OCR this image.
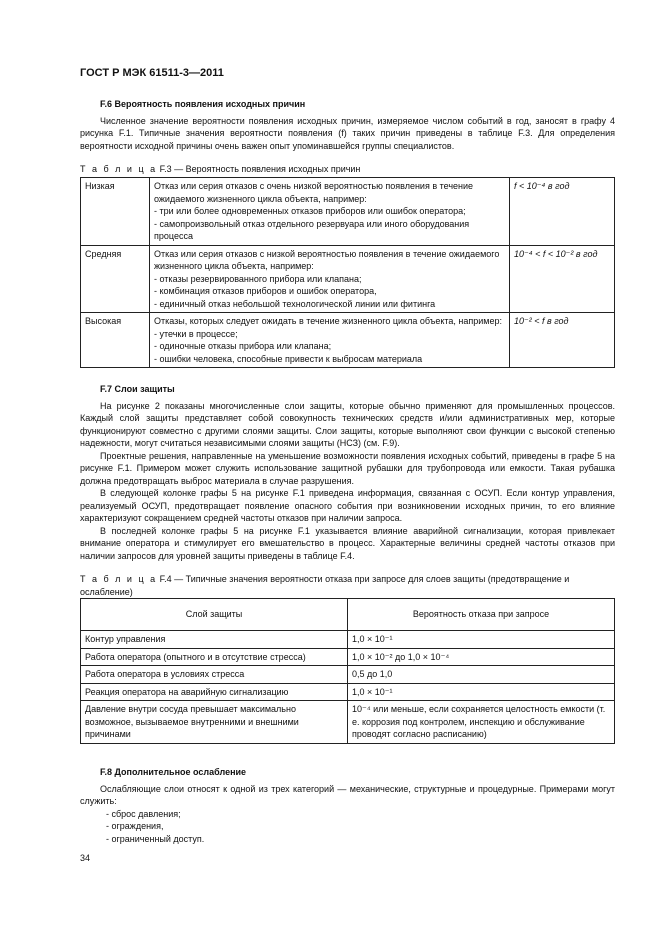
ГОСТ Р МЭК 61511-3—2011
F.6 Вероятность появления исходных причин

Численное значение вероятности появления исходных причин, измеряемое числом событий в год, заносят в графу 4 рисунка F.1. Типичные значения вероятности появления (f) таких причин приведены в таблице F.3. Для определения вероятности исходной причины очень важен опыт упоминавшейся группы специалистов.

Т а б л и ц а F.3 — Вероятность появления исходных причин
Низкая	Отказ или серия отказов с очень низкой вероятностью появления в течение ожидаемого жизненного цикла объекта, например:
- три или более одновременных отказов приборов или ошибок оператора;
- самопроизвольный отказ отдельного резервуара или иного оборудования процесса	f < 10⁻⁴ в год
Средняя	Отказ или серия отказов с низкой вероятностью появления в течение ожидаемого жизненного цикла объекта, например:
- отказы резервированного прибора или клапана;
- комбинация отказов приборов и ошибок оператора,
- единичный отказ небольшой технологической линии или фитинга	10⁻⁴ < f < 10⁻² в год
Высокая	Отказы, которых следует ожидать в течение жизненного цикла объекта, например:
- утечки в процессе;
- одиночные отказы прибора или клапана;
- ошибки человека, способные привести к выбросам материала	10⁻² < f в год
F.7 Слои защиты

На рисунке 2 показаны многочисленные слои защиты, которые обычно применяют для промышленных процессов. Каждый слой защиты представляет собой совокупность технических средств и/или административных мер, которые функционируют совместно с другими слоями защиты. Слои защиты, которые выполняют свои функции с высокой степенью надежности, могут считаться независимыми слоями защиты (НСЗ) (см. F.9).

Проектные решения, направленные на уменьшение возможности появления исходных событий, приведены в графе 5 на рисунке F.1. Примером может служить использование защитной рубашки для трубопровода или емкости. Такая рубашка должна предотвращать выброс материала в случае разрушения.

В следующей колонке графы 5 на рисунке F.1 приведена информация, связанная с ОСУП. Если контур управления, реализуемый ОСУП, предотвращает появление опасного события при возникновении исходных причин, то его влияние характеризуют сокращением средней частоты отказов при наличии запроса.

В последней колонке графы 5 на рисунке F.1 указывается влияние аварийной сигнализации, которая привлекает внимание оператора и стимулирует его вмешательство в процесс. Характерные величины средней частоты отказов при наличии запросов для уровней защиты приведены в таблице F.4.

Т а б л и ц а F.4 — Типичные значения вероятности отказа при запросе для слоев защиты (предотвращение и ослабление)
Слой защиты	Вероятность отказа при запросе
Контур управления	1,0 × 10⁻¹
Работа оператора (опытного и в отсутствие стресса)	1,0 × 10⁻² до 1,0 × 10⁻⁴
Работа оператора в условиях стресса	0,5 до 1,0
Реакция оператора на аварийную сигнализацию	1,0 × 10⁻¹
Давление внутри сосуда превышает максимально возможное, вызываемое внутренними и внешними причинами	10⁻⁴ или меньше, если сохраняется целостность емкости (т. е. коррозия под контролем, инспекцию и обслуживание проводят согласно расписанию)
F.8 Дополнительное ослабление

Ослабляющие слои относят к одной из трех категорий — механические, структурные и процедурные. Примерами могут служить:

- сброс давления;
- ограждения,
- ограниченный доступ.
34
